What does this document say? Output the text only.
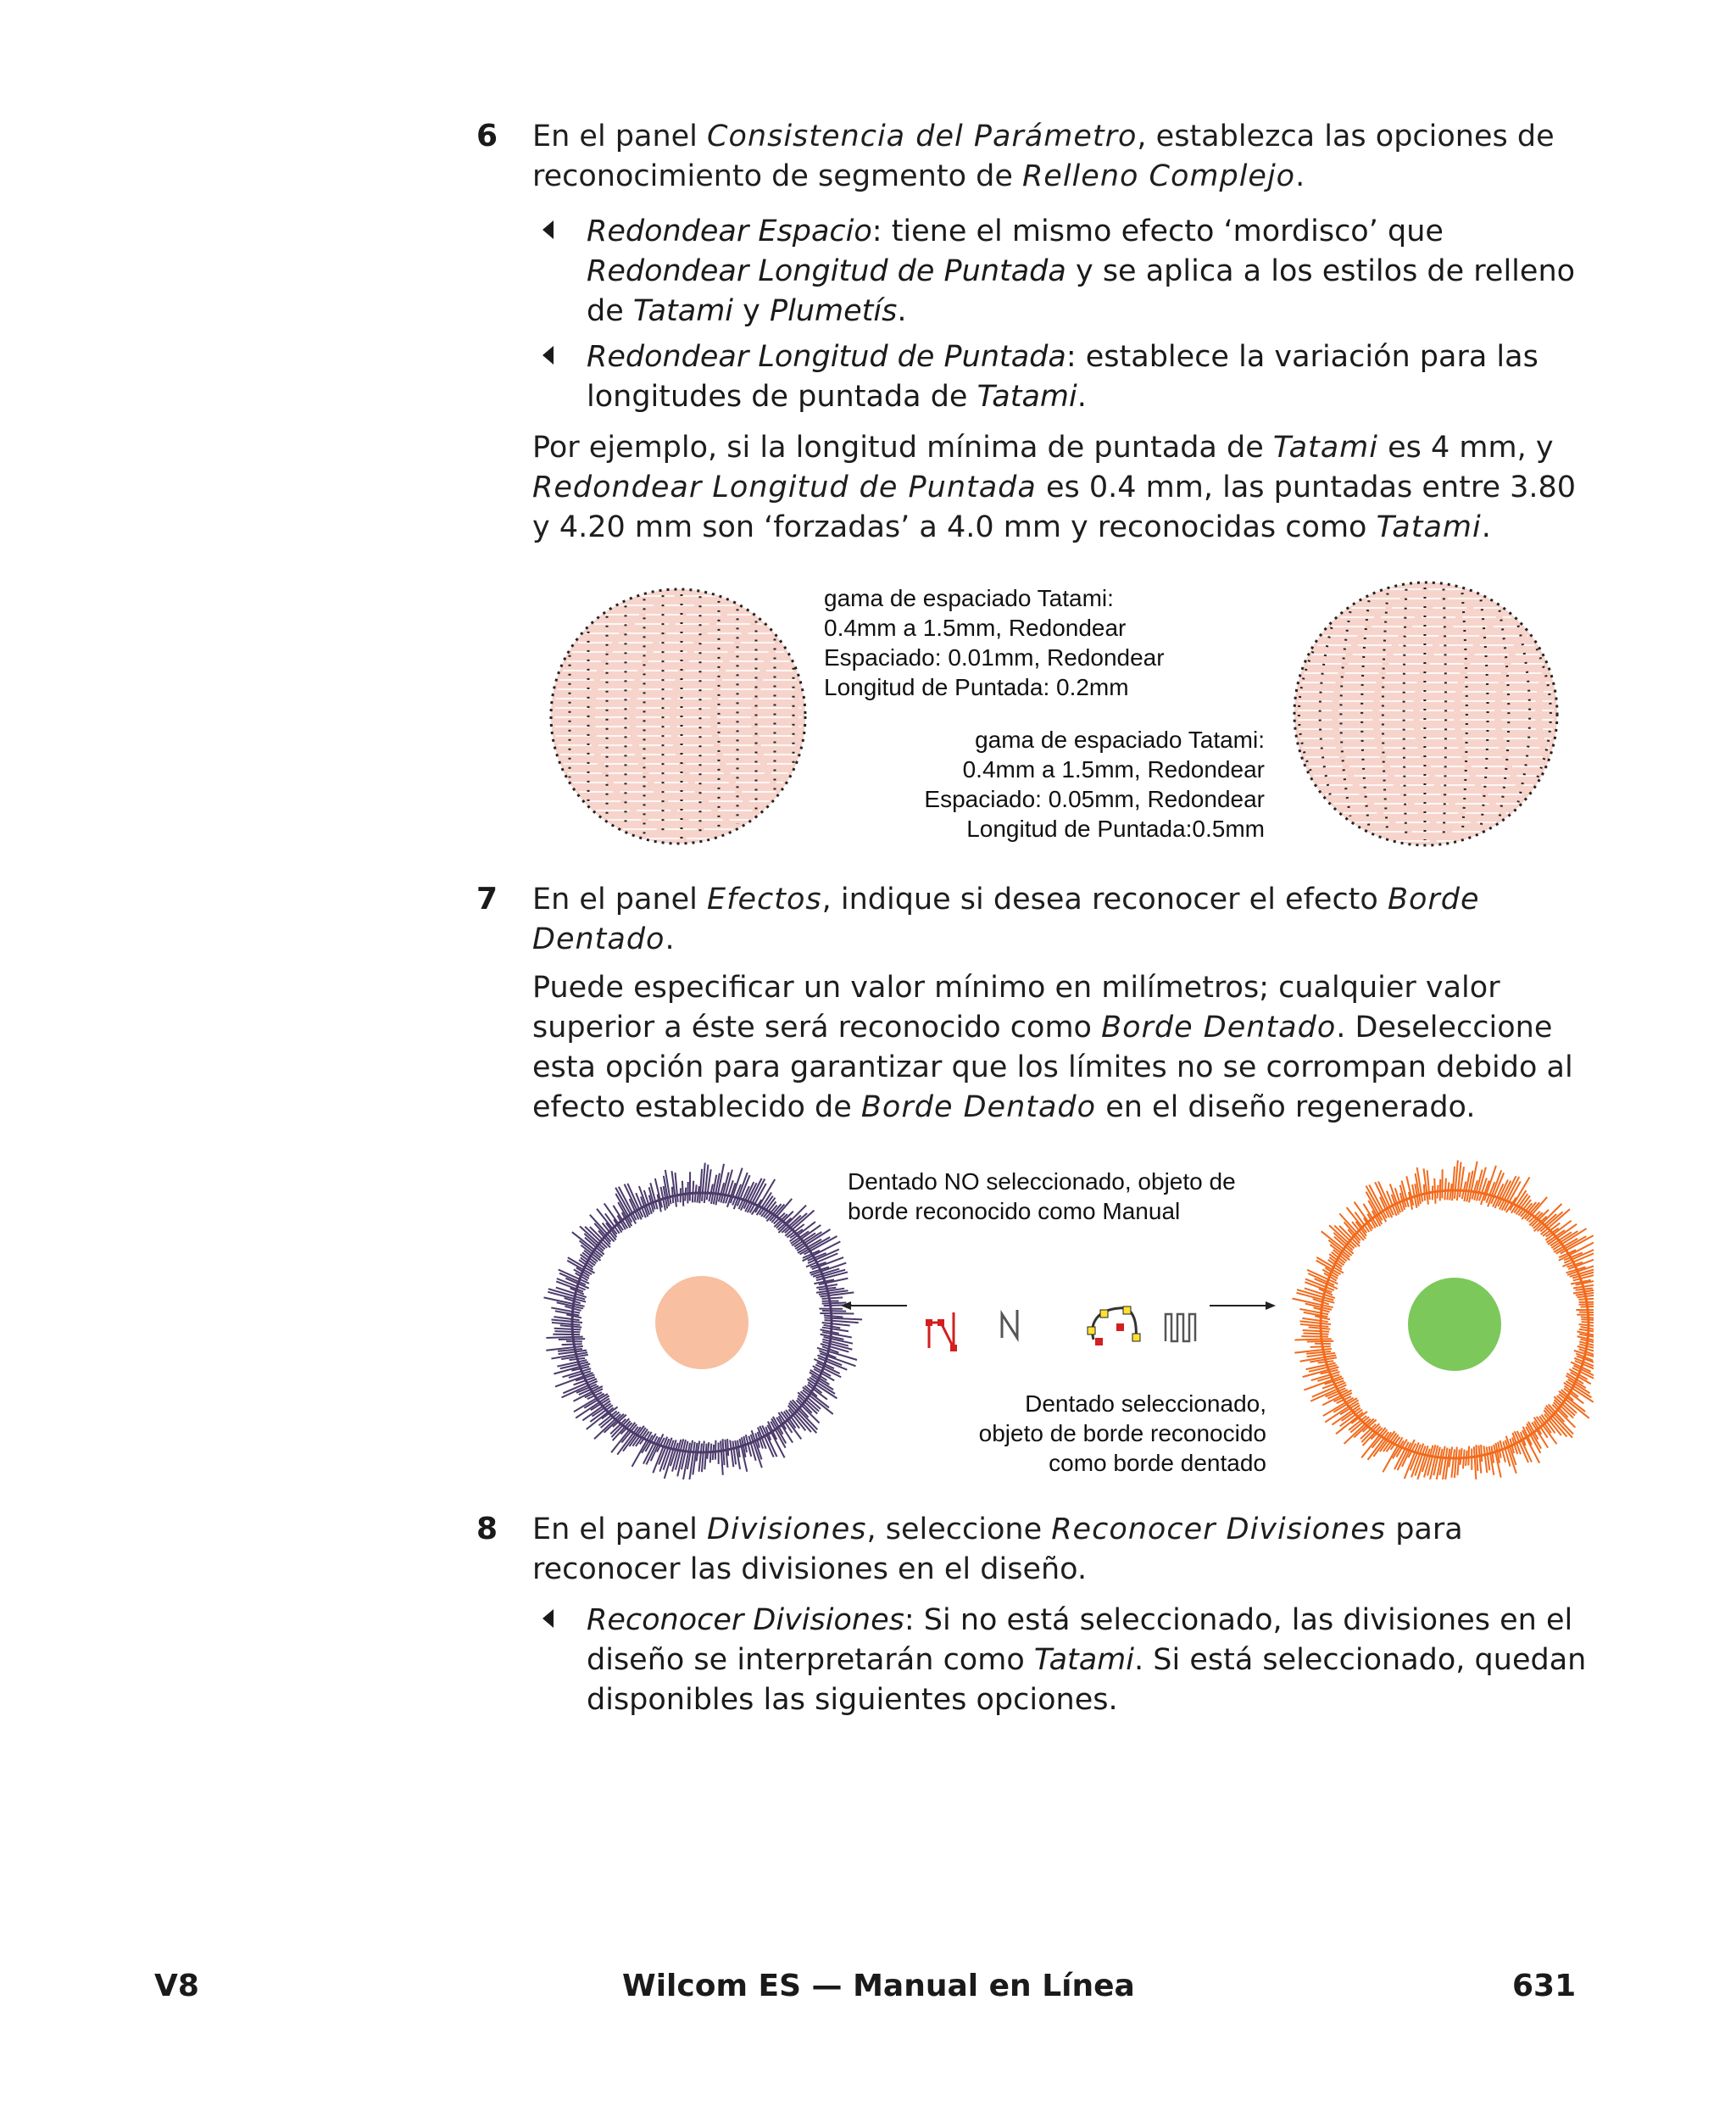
6 En el panel Consistencia del Parámetro, establezca las opciones de
reconocimiento de segmento de Relleno Complejo.
Redondear Espacio: tiene el mismo efecto ‘mordisco’ que
Redondear Longitud de Puntada y se aplica a los estilos de relleno
de Tatami y Plumetís.
Redondear Longitud de Puntada: establece la variación para las
longitudes de puntada de Tatami.
Por ejemplo, si la longitud mínima de puntada de Tatami es 4 mm, y
Redondear Longitud de Puntada es 0.4 mm, las puntadas entre 3.80
y 4.20 mm son ‘forzadas’ a 4.0 mm y reconocidas como Tatami.
gama de espaciado Tatami:
0.4mm a 1.5mm, Redondear
Espaciado: 0.01mm, Redondear
Longitud de Puntada: 0.2mm
gama de espaciado Tatami:
0.4mm a 1.5mm, Redondear
Espaciado: 0.05mm, Redondear
Longitud de Puntada:0.5mm
7 En el panel Efectos, indique si desea reconocer el efecto Borde
Dentado.
Puede especificar un valor mínimo en milímetros; cualquier valor
superior a éste será reconocido como Borde Dentado. Deseleccione
esta opción para garantizar que los límites no se corrompan debido al
efecto establecido de Borde Dentado en el diseño regenerado.
Dentado NO seleccionado, objeto de
borde reconocido como Manual
Dentado seleccionado,
objeto de borde reconocido
como borde dentado
8 En el panel Divisiones, seleccione Reconocer Divisiones para
reconocer las divisiones en el diseño.
Reconocer Divisiones: Si no está seleccionado, las divisiones en el
diseño se interpretarán como Tatami. Si está seleccionado, quedan
disponibles las siguientes opciones.
V8	Wilcom ES — Manual en Línea	631
